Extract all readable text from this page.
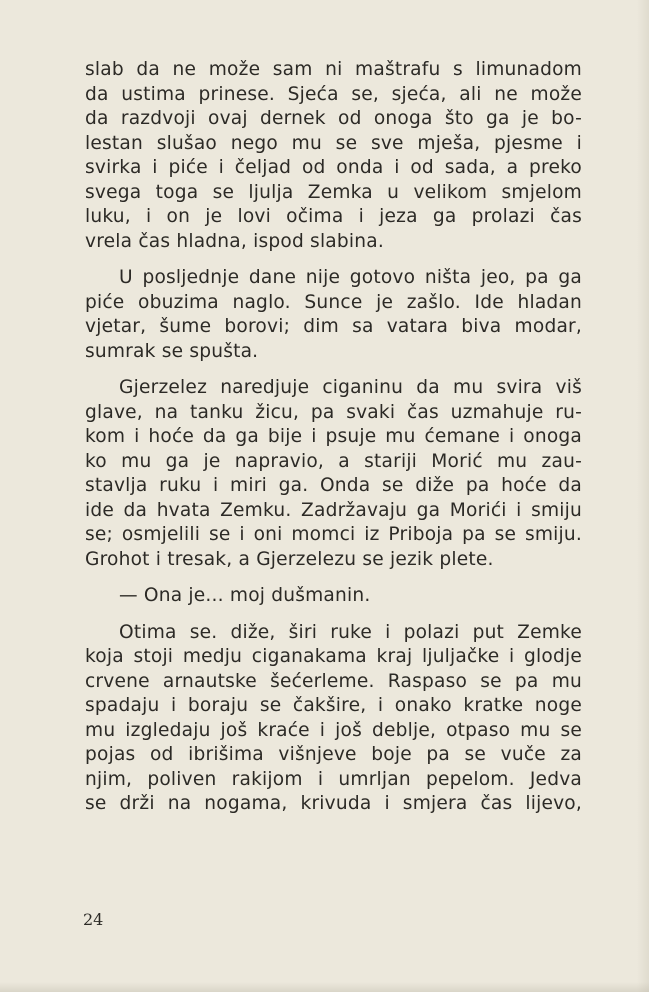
slab da ne može sam ni maštrafu s limunadom
da ustima prinese. Sjeća se, sjeća, ali ne može
da razdvoji ovaj dernek od onoga što ga je bo-
lestan slušao nego mu se sve mješa, pjesme i
svirka i piće i čeljad od onda i od sada, a preko
svega toga se ljulja Zemka u velikom smjelom
luku, i on je lovi očima i jeza ga prolazi čas
vrela čas hladna, ispod slabina.

U posljednje dane nije gotovo ništa jeo, pa ga
piće obuzima naglo. Sunce je zašlo. Ide hladan
vjetar, šume borovi; dim sa vatara biva modar,
sumrak se spušta.

Gjerzelez naredjuje ciganinu da mu svira viš
glave, na tanku žicu, pa svaki čas uzmahuje ru-
kom i hoće da ga bije i psuje mu ćemane i onoga
ko mu ga je napravio, a stariji Morić mu zau-
stavlja ruku i miri ga. Onda se diže pa hoće da
ide da hvata Zemku. Zadržavaju ga Morići i smiju
se; osmjelili se i oni momci iz Priboja pa se smiju.
Grohot i tresak, a Gjerzelezu se jezik plete.

— Ona je... moj dušmanin.

Otima se. diže, širi ruke i polazi put Zemke
koja stoji medju ciganakama kraj ljuljačke i glodje
crvene arnautske šećerleme. Raspaso se pa mu
spadaju i boraju se čakšire, i onako kratke noge
mu izgledaju još kraće i još deblje, otpaso mu se
pojas od ibrišima višnjeve boje pa se vuče za
njim, poliven rakijom i umrljan pepelom. Jedva
se drži na nogama, krivuda i smjera čas lijevo,

24
